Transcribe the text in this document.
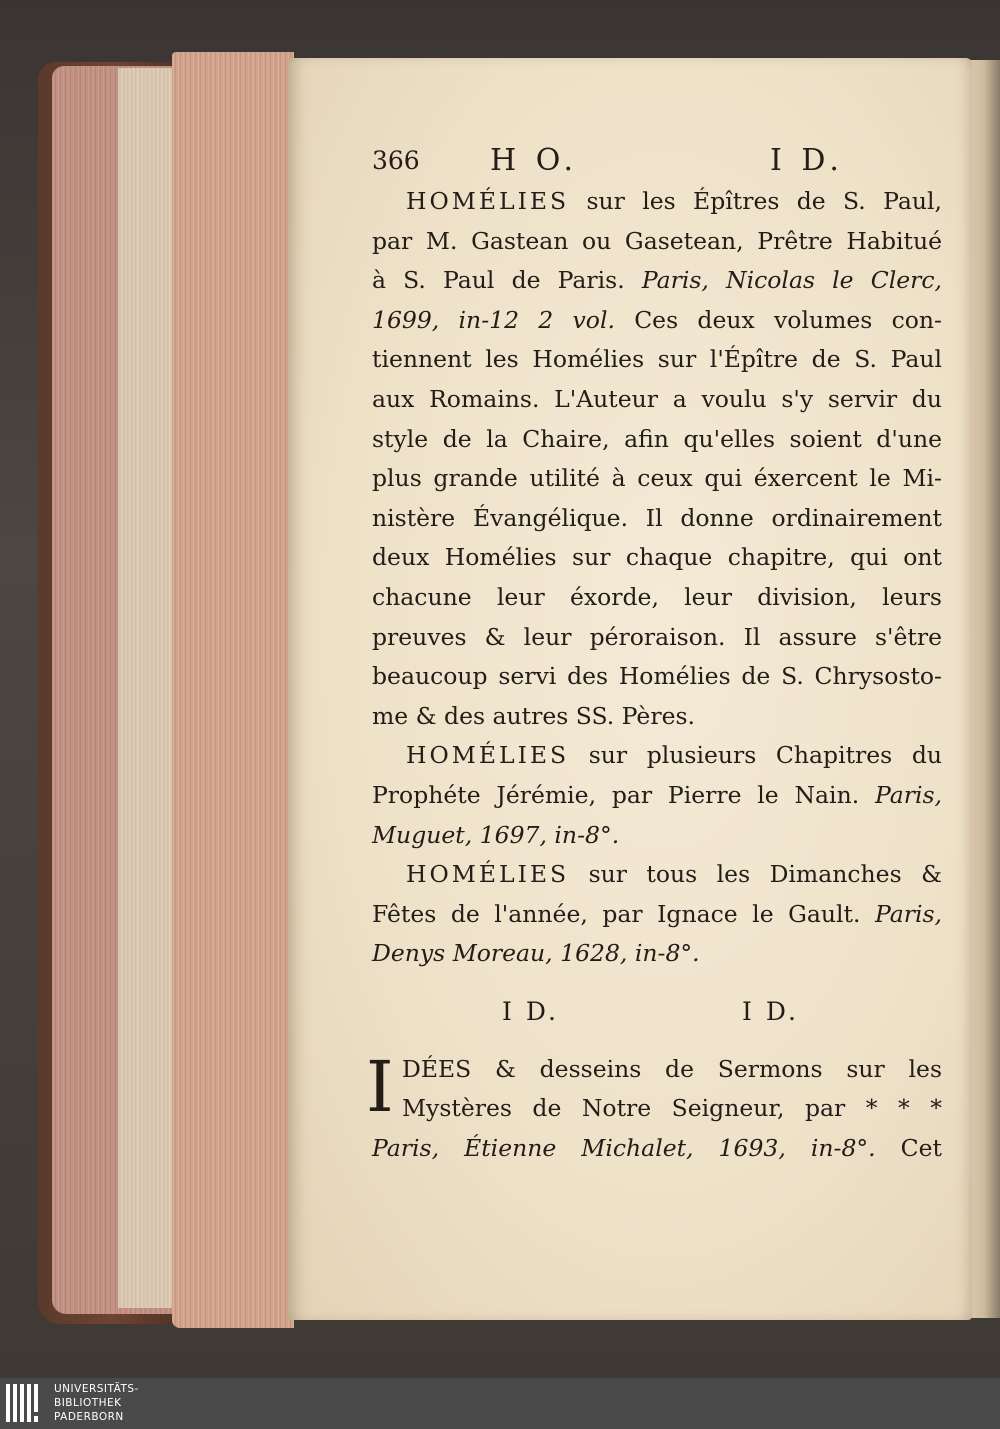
366 H O.	I D.
HOMÉLIES sur les Épîtres de S. Paul,
par M. Gastean ou Gasetean, Prêtre Habitué
à S. Paul de Paris. Paris, Nicolas le Clerc,
1699, in-12 2 vol. Ces deux volumes con-
tiennent les Homélies sur l'Épître de S. Paul
aux Romains. L'Auteur a voulu s'y servir du
style de la Chaire, afin qu'elles soient d'une
plus grande utilité à ceux qui éxercent le Mi-
nistère Évangélique. Il donne ordinairement
deux Homélies sur chaque chapitre, qui ont
chacune leur éxorde, leur division, leurs
preuves & leur péroraison. Il assure s'être
beaucoup servi des Homélies de S. Chrysosto-
me & des autres SS. Pères.
HOMÉLIES sur plusieurs Chapitres du
Prophéte Jérémie, par Pierre le Nain. Paris,
Muguet, 1697, in-8°.
HOMÉLIES sur tous les Dimanches &
Fêtes de l'année, par Ignace le Gault. Paris,
Denys Moreau, 1628, in-8°.
I D.	I D.
I DÉES & desseins de Sermons sur les
Mystères de Notre Seigneur, par * * *
Paris, Étienne Michalet, 1693, in-8°. Cet
UNIVERSITÄTS-
BIBLIOTHEK
PADERBORN
